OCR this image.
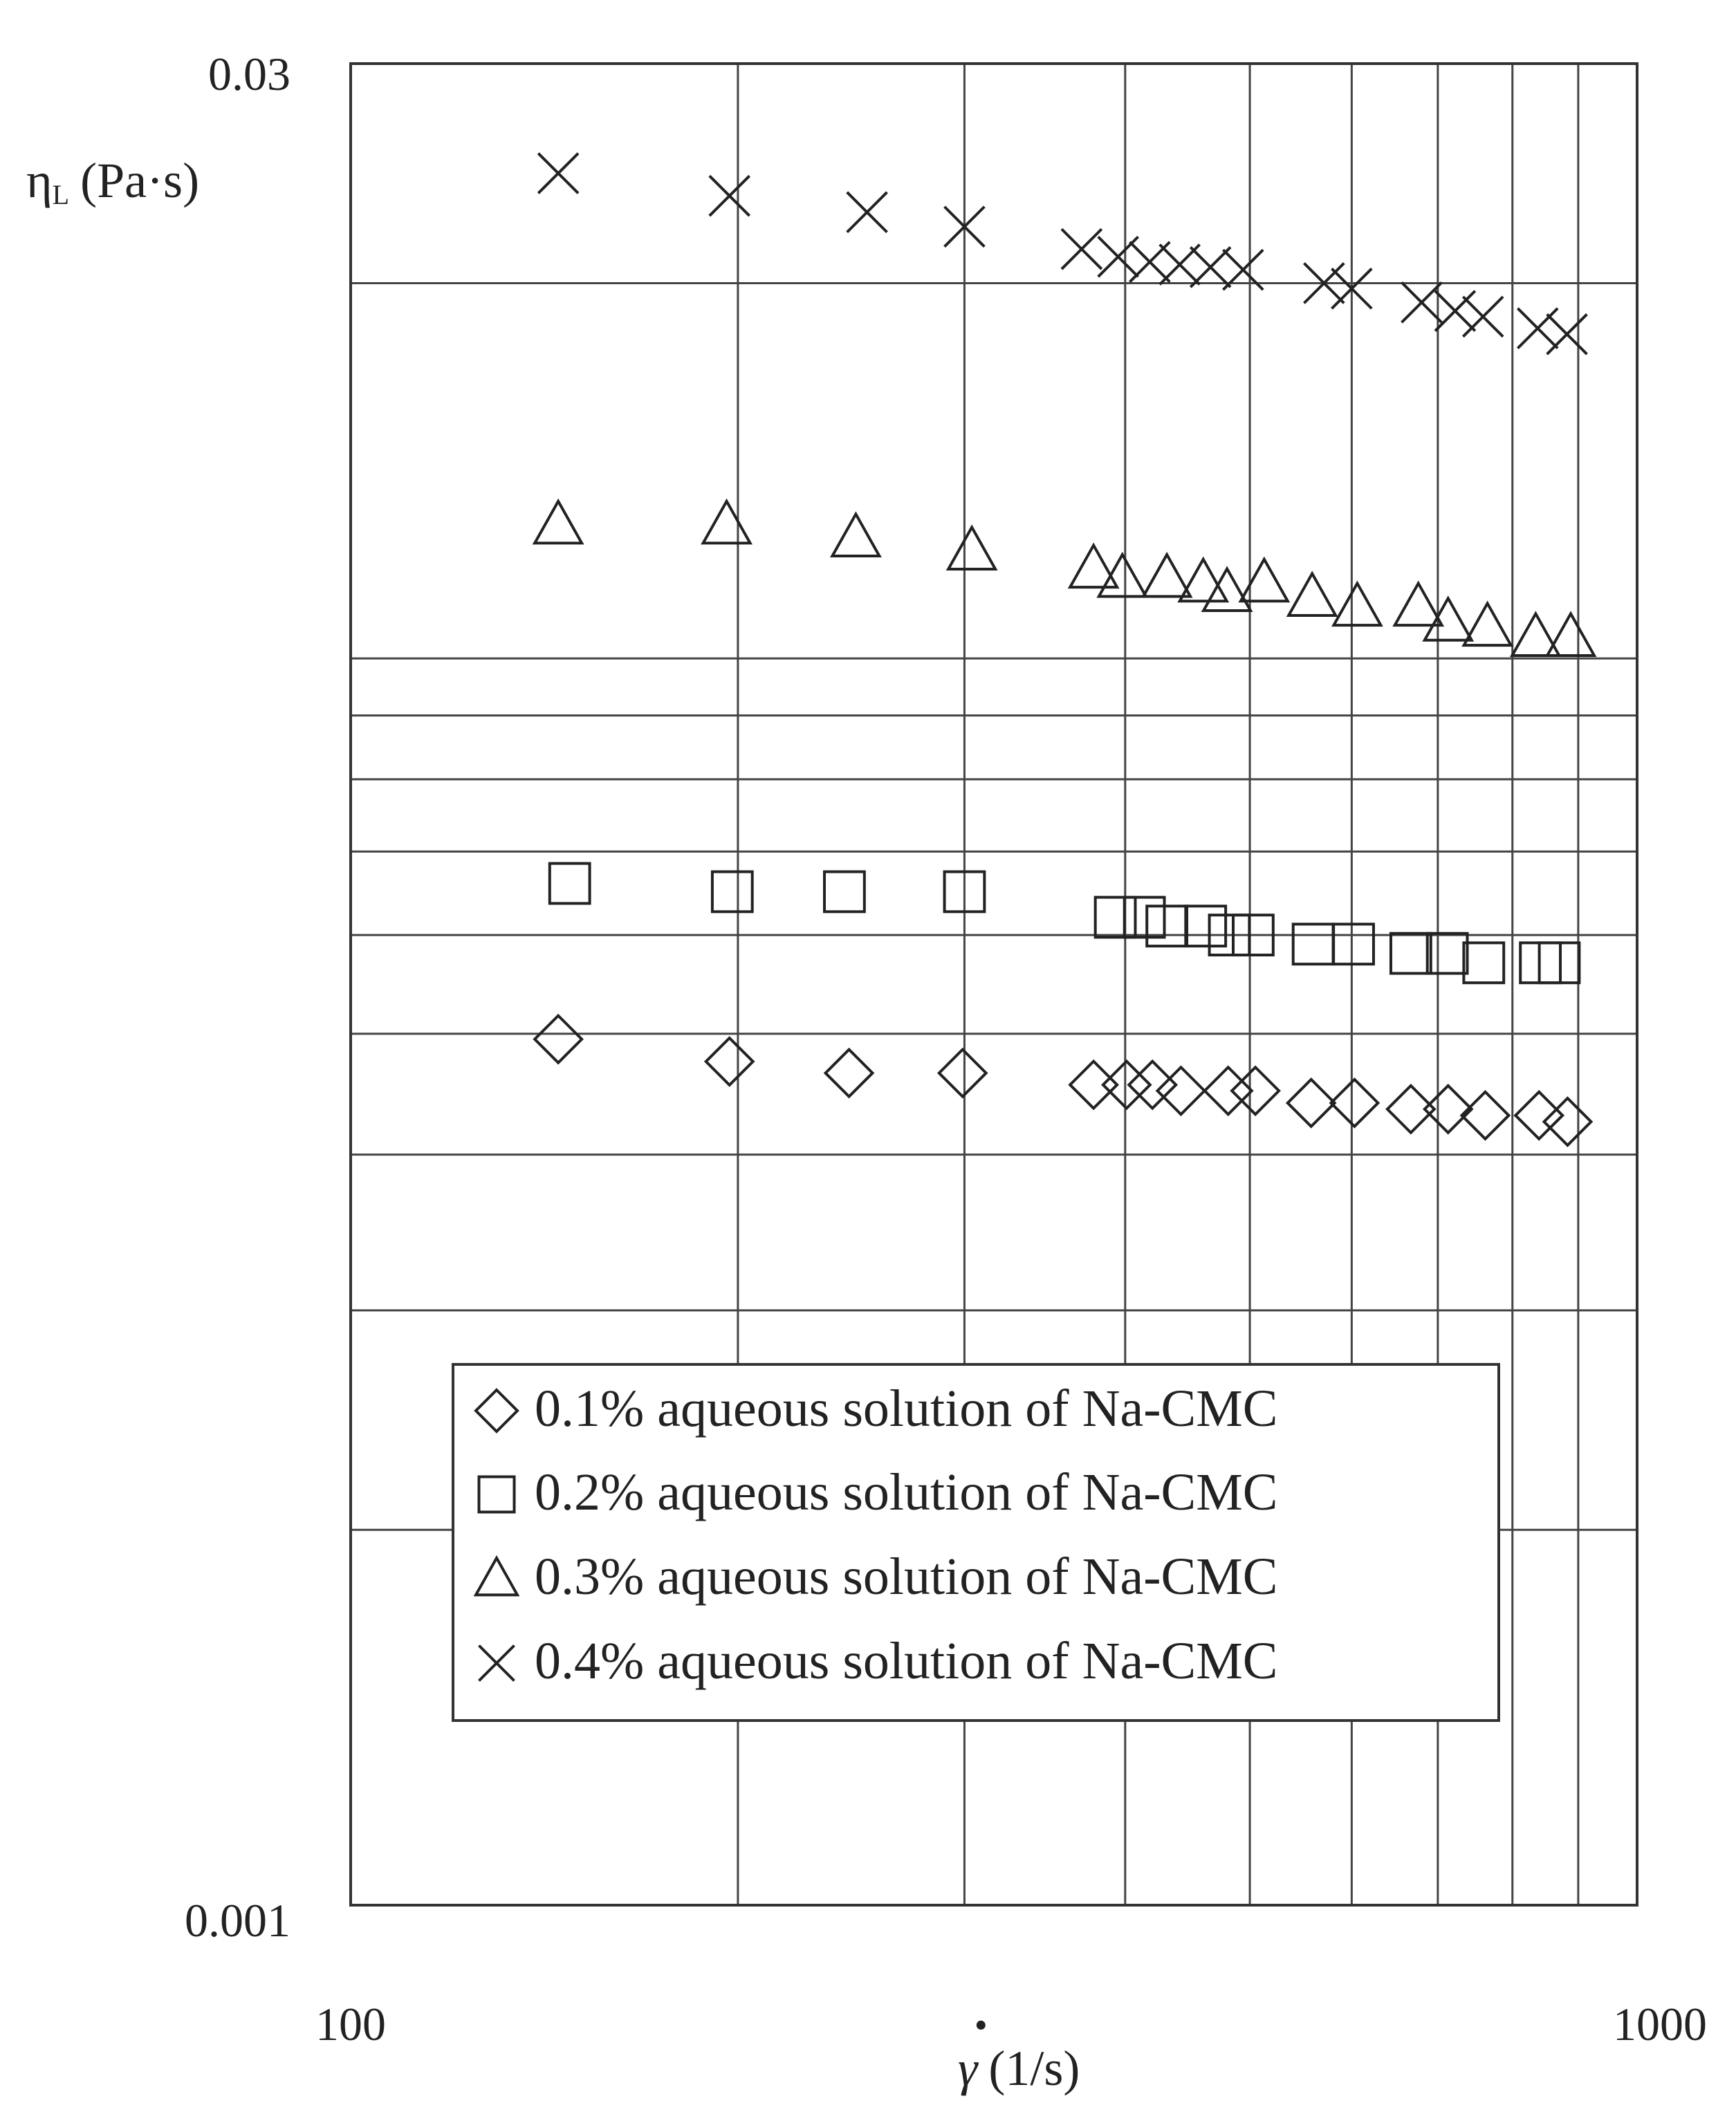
0.03
0.001
100	1000
ηL (Pa·s)
·
γ (1/s)
0.1% aqueous solution of Na-CMC
0.2% aqueous solution of Na-CMC
0.3% aqueous solution of Na-CMC
0.4% aqueous solution of Na-CMC
